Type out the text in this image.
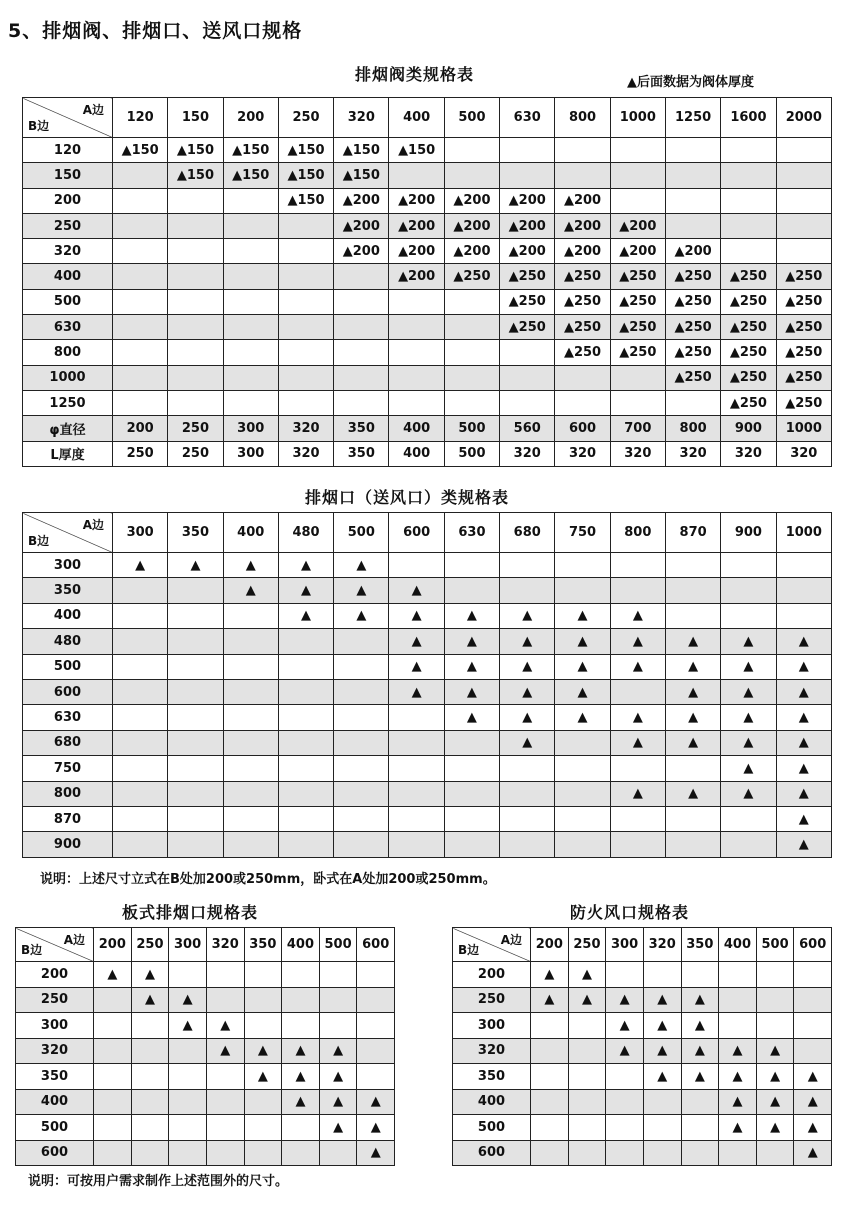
5、排烟阀、排烟口、送风口规格
排烟阀类规格表	▲后面数据为阀体厚度
A边
B边	120	150	200	250	320	400	500	630	800	1000	1250	1600	2000
120	▲150	▲150	▲150	▲150	▲150	▲150							
150		▲150	▲150	▲150	▲150								
200				▲150	▲200	▲200	▲200	▲200	▲200				
250					▲200	▲200	▲200	▲200	▲200	▲200			
320					▲200	▲200	▲200	▲200	▲200	▲200	▲200		
400						▲200	▲250	▲250	▲250	▲250	▲250	▲250	▲250
500								▲250	▲250	▲250	▲250	▲250	▲250
630								▲250	▲250	▲250	▲250	▲250	▲250
800									▲250	▲250	▲250	▲250	▲250
1000											▲250	▲250	▲250
1250												▲250	▲250
φ直径	200	250	300	320	350	400	500	560	600	700	800	900	1000
L厚度	250	250	300	320	350	400	500	320	320	320	320	320	320
排烟口（送风口）类规格表
A边
B边	300	350	400	480	500	600	630	680	750	800	870	900	1000
300	▲	▲	▲	▲	▲								
350			▲	▲	▲	▲							
400				▲	▲	▲	▲	▲	▲	▲			
480						▲	▲	▲	▲	▲	▲	▲	▲
500						▲	▲	▲	▲	▲	▲	▲	▲
600						▲	▲	▲	▲		▲	▲	▲
630							▲	▲	▲	▲	▲	▲	▲
680								▲		▲	▲	▲	▲
750												▲	▲
800										▲	▲	▲	▲
870													▲
900													▲
说明：上述尺寸立式在B处加200或250mm，卧式在A处加200或250mm。
板式排烟口规格表
A边
B边	200	250	300	320	350	400	500	600
200	▲	▲						
250		▲	▲					
300			▲	▲				
320				▲	▲	▲	▲	
350					▲	▲	▲	
400						▲	▲	▲
500							▲	▲
600								▲
防火风口规格表
A边
B边	200	250	300	320	350	400	500	600
200	▲	▲						
250	▲	▲	▲	▲	▲			
300			▲	▲	▲			
320			▲	▲	▲	▲	▲	
350				▲	▲	▲	▲	▲
400						▲	▲	▲
500						▲	▲	▲
600								▲
说明：可按用户需求制作上述范围外的尺寸。
